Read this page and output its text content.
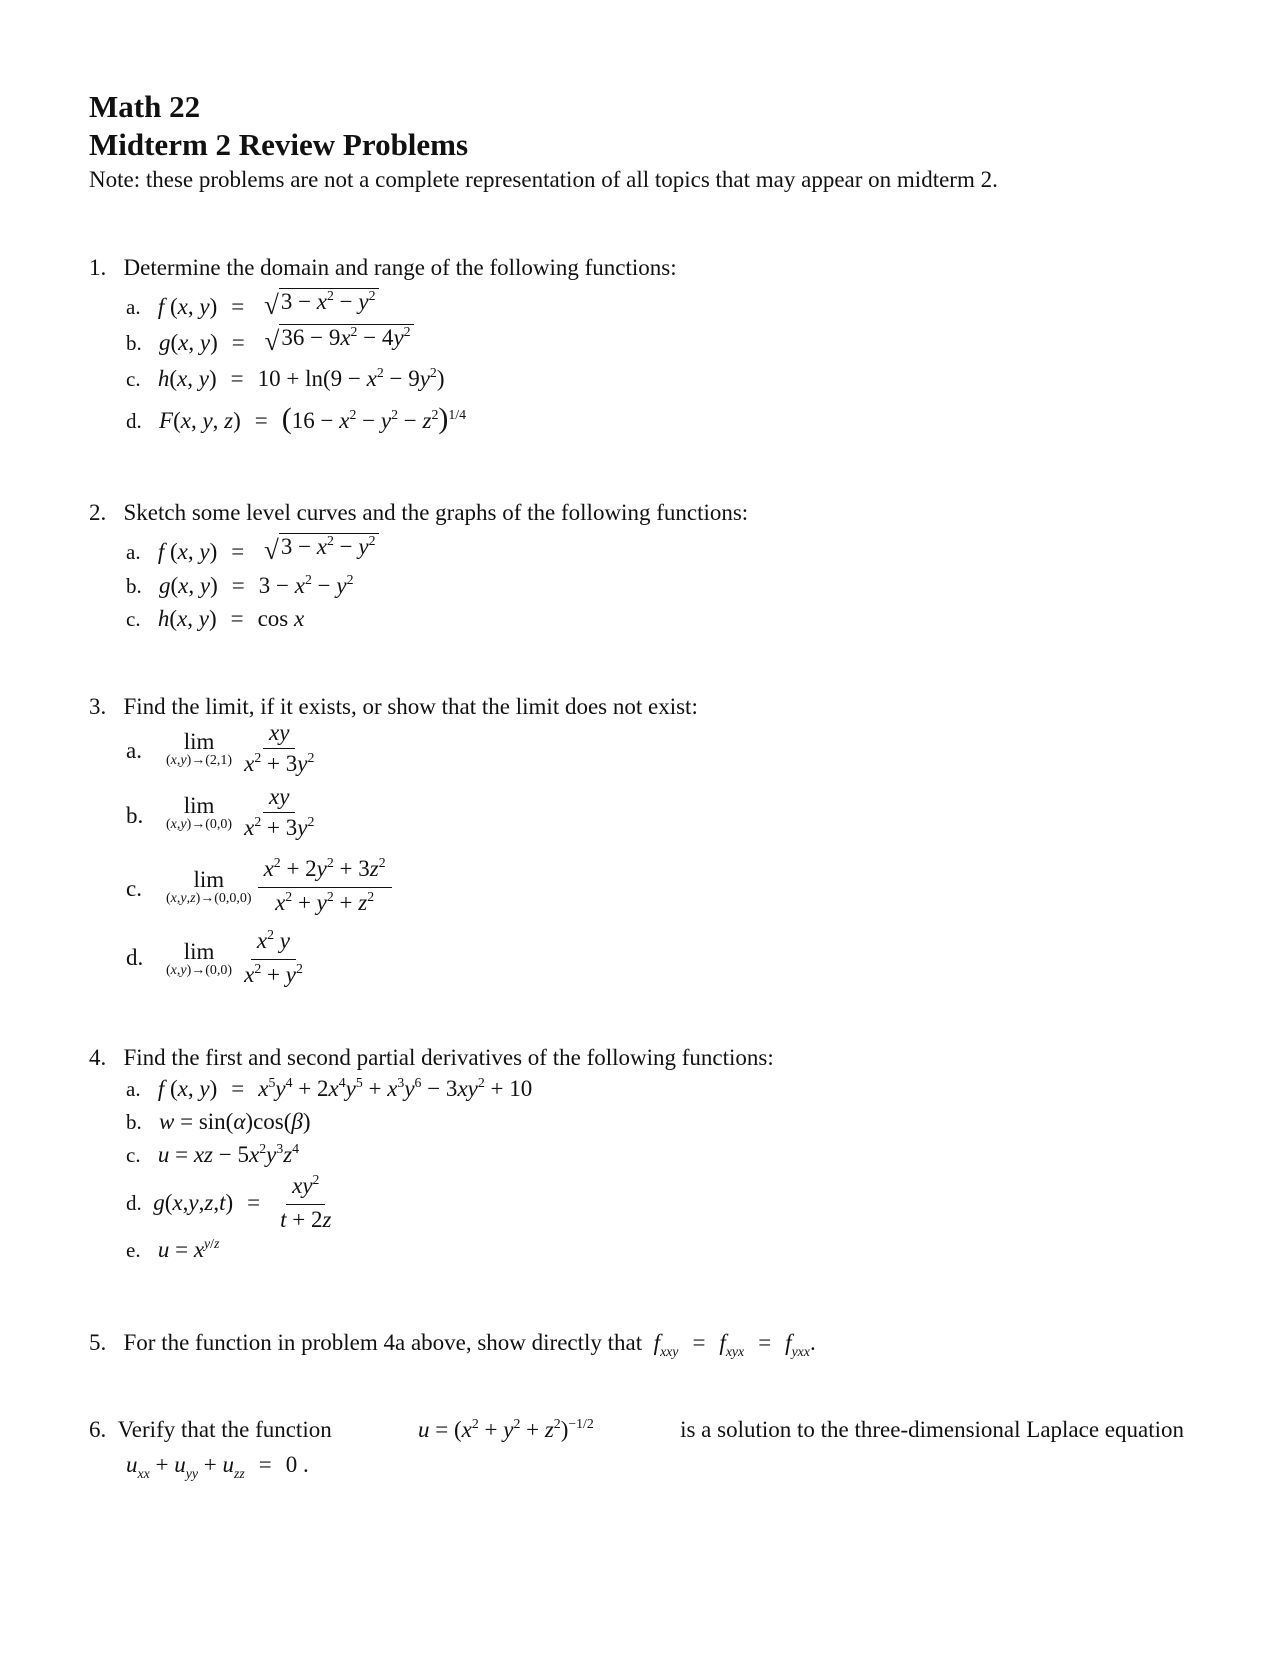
Math 22
Midterm 2 Review Problems
Note: these problems are not a complete representation of all topics that may appear on midterm 2.
1. Determine the domain and range of the following functions:
a. f (x, y) = √ $3 - x^2 - y^2$
b. g(x, y) = √ $36 - 9x^2 - 4y^2$
c. h(x, $y) = 10 + \ln(9 - x^2 - 9y^2)$
d. F(x, y, $z) = (16 - x^2 - y^2 - z^2)^{1/4}$
2. Sketch some level curves and the graphs of the following functions:
a. f (x, y) = √ $3 - x^2 - y^2$
b. g(x, $y) = 3 - x^2 - y^2$
c. h(x, y) = cos x
3. Find the limit, if it exists, or show that the limit does not exist:
a. lim
$(x,y)\to(2,1) \frac{xy}{x^2 + 3y^2}$
b. lim
$(x,y)\to(0,0) \frac{xy}{x^2 + 3y^2}$
c. lim
$(x,y,z)\to(0,0,0) \frac{x^2 + 2y^2 + 3z^2}{x^2 + y^2 + z^2}$
d. lim
$(x,y)\to(0,0) \frac{x^2 y}{x^2 + y^2}$
4. Find the first and second partial derivatives of the following functions:
a. f (x, $y) = x^5y^4 + 2x^4y^5 + x^3y^6 - 3xy^2 + 10$
b. w = sin(α)cos(β)
c. u = xz − $5x^2y^3z^4$
d.
g ( x , y , z , t ) = $\frac{xy^2}{t + 2z}$
e. $u = x^{y/z}$
5. For the function in problem 4a above, show directly that $f_{xxy} = f_{xyx} = f_{yxx}$.
6. Verify that the function	$u = (x^2 + y^2 + z^2)^{-1/2}$	is a solution to the three-dimensional Laplace equation
$u_{xx} + u_{yy} + u_{zz} = 0$ .
